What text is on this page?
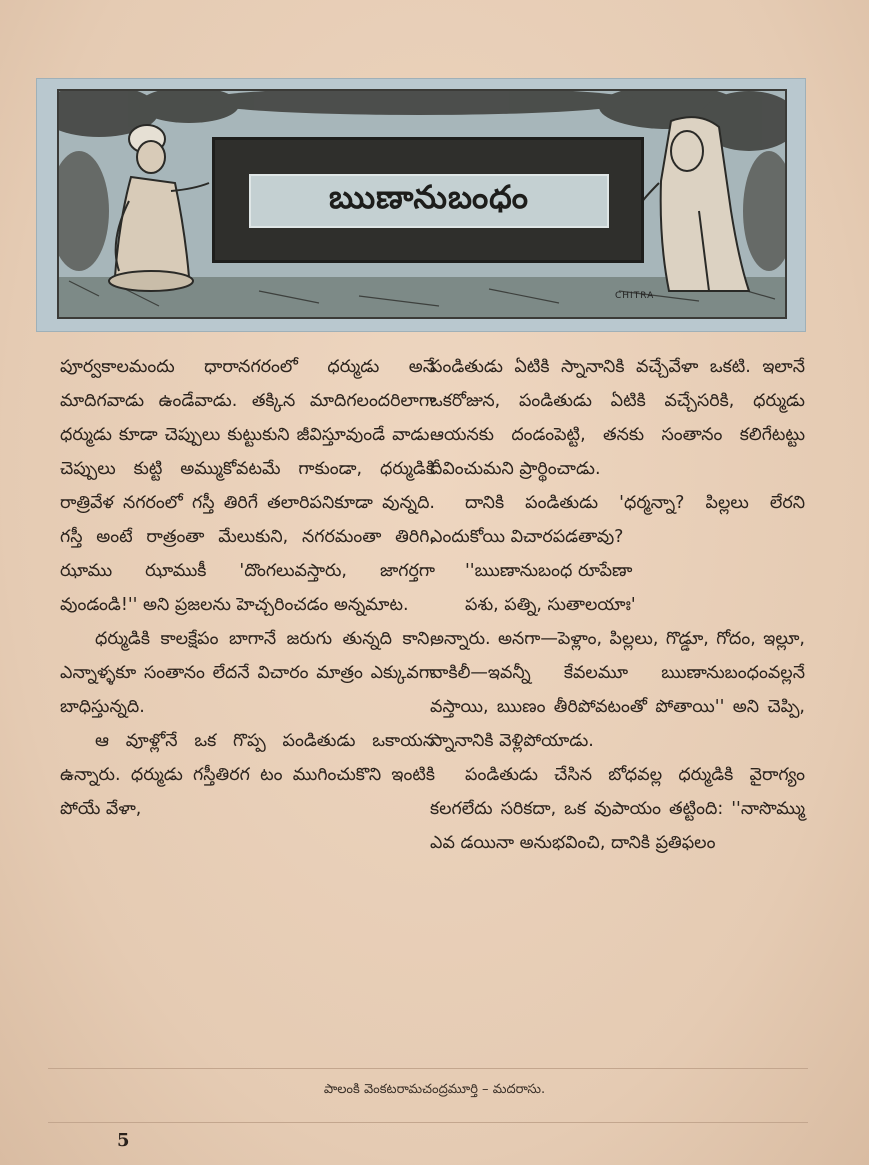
ఋణానుబంధం
CHITRA

పూర్వకాలమందు ధారానగరంలో ధర్ముడు అనే మాదిగవాడు ఉండేవాడు. తక్కిన మాదిగలందరిలాగా ధర్ముడు కూడా చెప్పులు కుట్టుకుని జీవిస్తూవుండే వాడు. చెప్పులు కుట్టి అమ్ముకోవటమే గాకుండా, ధర్ముడికి రాత్రివేళ నగరంలో గస్తీ తిరిగే తలారిపనికూడా వున్నది. గస్తీ అంటే రాత్రంతా మేలుకుని, నగరమంతా తిరిగి, ఝాము ఝాముకీ 'దొంగలువస్తారు, జాగర్తగా వుండండి!'' అని ప్రజలను హెచ్చరించడం అన్నమాట.

ధర్ముడికి కాలక్షేపం బాగానే జరుగు తున్నది కాని, ఎన్నాళ్ళకూ సంతానం లేదనే విచారం మాత్రం ఎక్కువగా బాధిస్తున్నది.

ఆ వూళ్లోనే ఒక గొప్ప పండితుడు ఒకాయన ఉన్నారు. ధర్ముడు గస్తీతిరగ టం ముగించుకొని ఇంటికి పోయే వేళా,

పండితుడు ఏటికి స్నానానికి వచ్చేవేళా ఒకటి. ఇలానే ఒకరోజున, పండితుడు ఏటికి వచ్చేసరికి, ధర్ముడు ఆయనకు దండంపెట్టి, తనకు సంతానం కలిగేటట్టు దీవించుమని ప్రార్థించాడు.

దానికి పండితుడు 'ధర్మన్నా? పిల్లలు లేరని ఎందుకోయి విచారపడతావు?

''ఋణానుబంధ రూపేణా

పశు, పత్ని, సుతాలయాః'

అన్నారు. అనగా—పెళ్లాం, పిల్లలు, గొడ్డూ, గోదం, ఇల్లూ, వాకిలీ—ఇవన్నీ కేవలమూ ఋణానుబంధంవల్లనే వస్తాయి, ఋణం తీరిపోవటంతో పోతాయి'' అని చెప్పి, స్నానానికి వెళ్లిపోయాడు.

పండితుడు చేసిన బోధవల్ల ధర్ముడికి వైరాగ్యం కలగలేదు సరికదా, ఒక వుపాయం తట్టింది: ''నాసొమ్ము ఎవ డయినా అనుభవించి, దానికి ప్రతిఫలం

పాలంకి వెంకటరామచంద్రమూర్తి – మదరాసు.
5
